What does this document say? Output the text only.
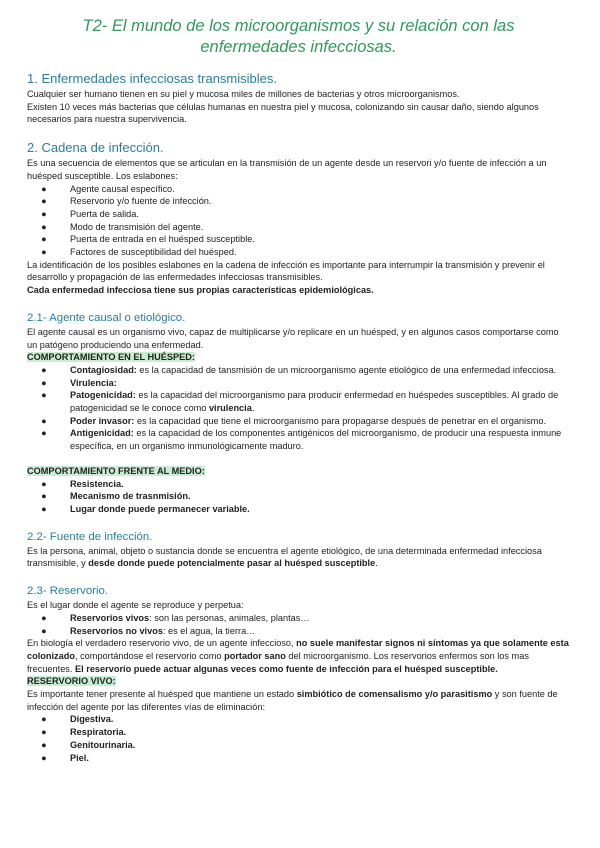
T2- El mundo de los microorganismos y su relación con las
enfermedades infecciosas.
1. Enfermedades infecciosas transmisibles.

Cualquier ser humano tienen en su piel y mucosa miles de millones de bacterias y otros microorganismos.

Existen 10 veces más bacterias que células humanas en nuestra piel y mucosa, colonizando sin causar daño, siendo algunos necesarios para nuestra supervivencia.

2. Cadena de infección.

Es una secuencia de elementos que se articulan en la transmisión de un agente desde un reservori y/o fuente de infección a un huésped susceptible. Los eslabones:

●	Agente causal específico.
●	Reservorio y/o fuente de infección.
●	Puerta de salida.
●	Modo de transmisión del agente.
●	Puerta de entrada en el huésped susceptible.
●	Factores de susceptibilidad del huésped.

La identificación de los posibles eslabones en la cadena de infección es importante para interrumpir la transmisión y prevenir el desarrollo y propagación de las enfermedades infecciosas transmisibles.

Cada enfermedad infecciosa tiene sus propias características epidemiológicas.

2.1- Agente causal o etiológico.

El agente causal es un organismo vivo, capaz de multiplicarse y/o replicare en un huésped, y en algunos casos comportarse como un patógeno produciendo una enfermedad.

COMPORTAMIENTO EN EL HUÉSPED:

●	Contagiosidad: es la capacidad de tansmisión de un microorganismo agente etiológico de una enfermedad infecciosa.
●	Virulencia:
●	Patogenicidad: es la capacidad del microorganismo para producir enfermedad en huéspedes susceptibles. Al grado de patogenicidad se le conoce como virulencia.
●	Poder invasor: es la capacidad que tiene el microorganismo para propagarse después de penetrar en el organismo.
●	Antigenicidad: es la capacidad de los componentes antigénicos del microorganismo, de producir una respuesta inmune específica, en un organismo inmunológicamente maduro.

COMPORTAMIENTO FRENTE AL MEDIO:

●	Resistencia.
●	Mecanismo de trasnmisión.
●	Lugar donde puede permanecer variable.
2.2- Fuente de infección.

Es la persona, animal, objeto o sustancia donde se encuentra el agente etiológico, de una determinada enfermedad infecciosa transmisible, y desde donde puede potencialmente pasar al huésped susceptible.

2.3- Reservorio.

Es el lugar donde el agente se reproduce y perpetua:

●	Reservorios vivos: son las personas, animales, plantas…
●	Reservorios no vivos: es el agua, la tierra…

En biología el verdadero reservorio vivo, de un agente infeccioso, no suele manifestar signos ni síntomas ya que solamente esta colonizado, comportándose el reservorio como portador sano del microorganismo. Los reservorios enfermos son los mas frecuentes. El reservorio puede actuar algunas veces como fuente de infección para el huésped susceptible.

RESERVORIO VIVO:

Es importante tener presente al huésped que mantiene un estado simbiótico de comensalismo y/o parasitismo y son fuente de infección del agente por las diferentes vías de eliminación:

●	Digestiva.
●	Respiratoria.
●	Genitourinaria.
●	Piel.
